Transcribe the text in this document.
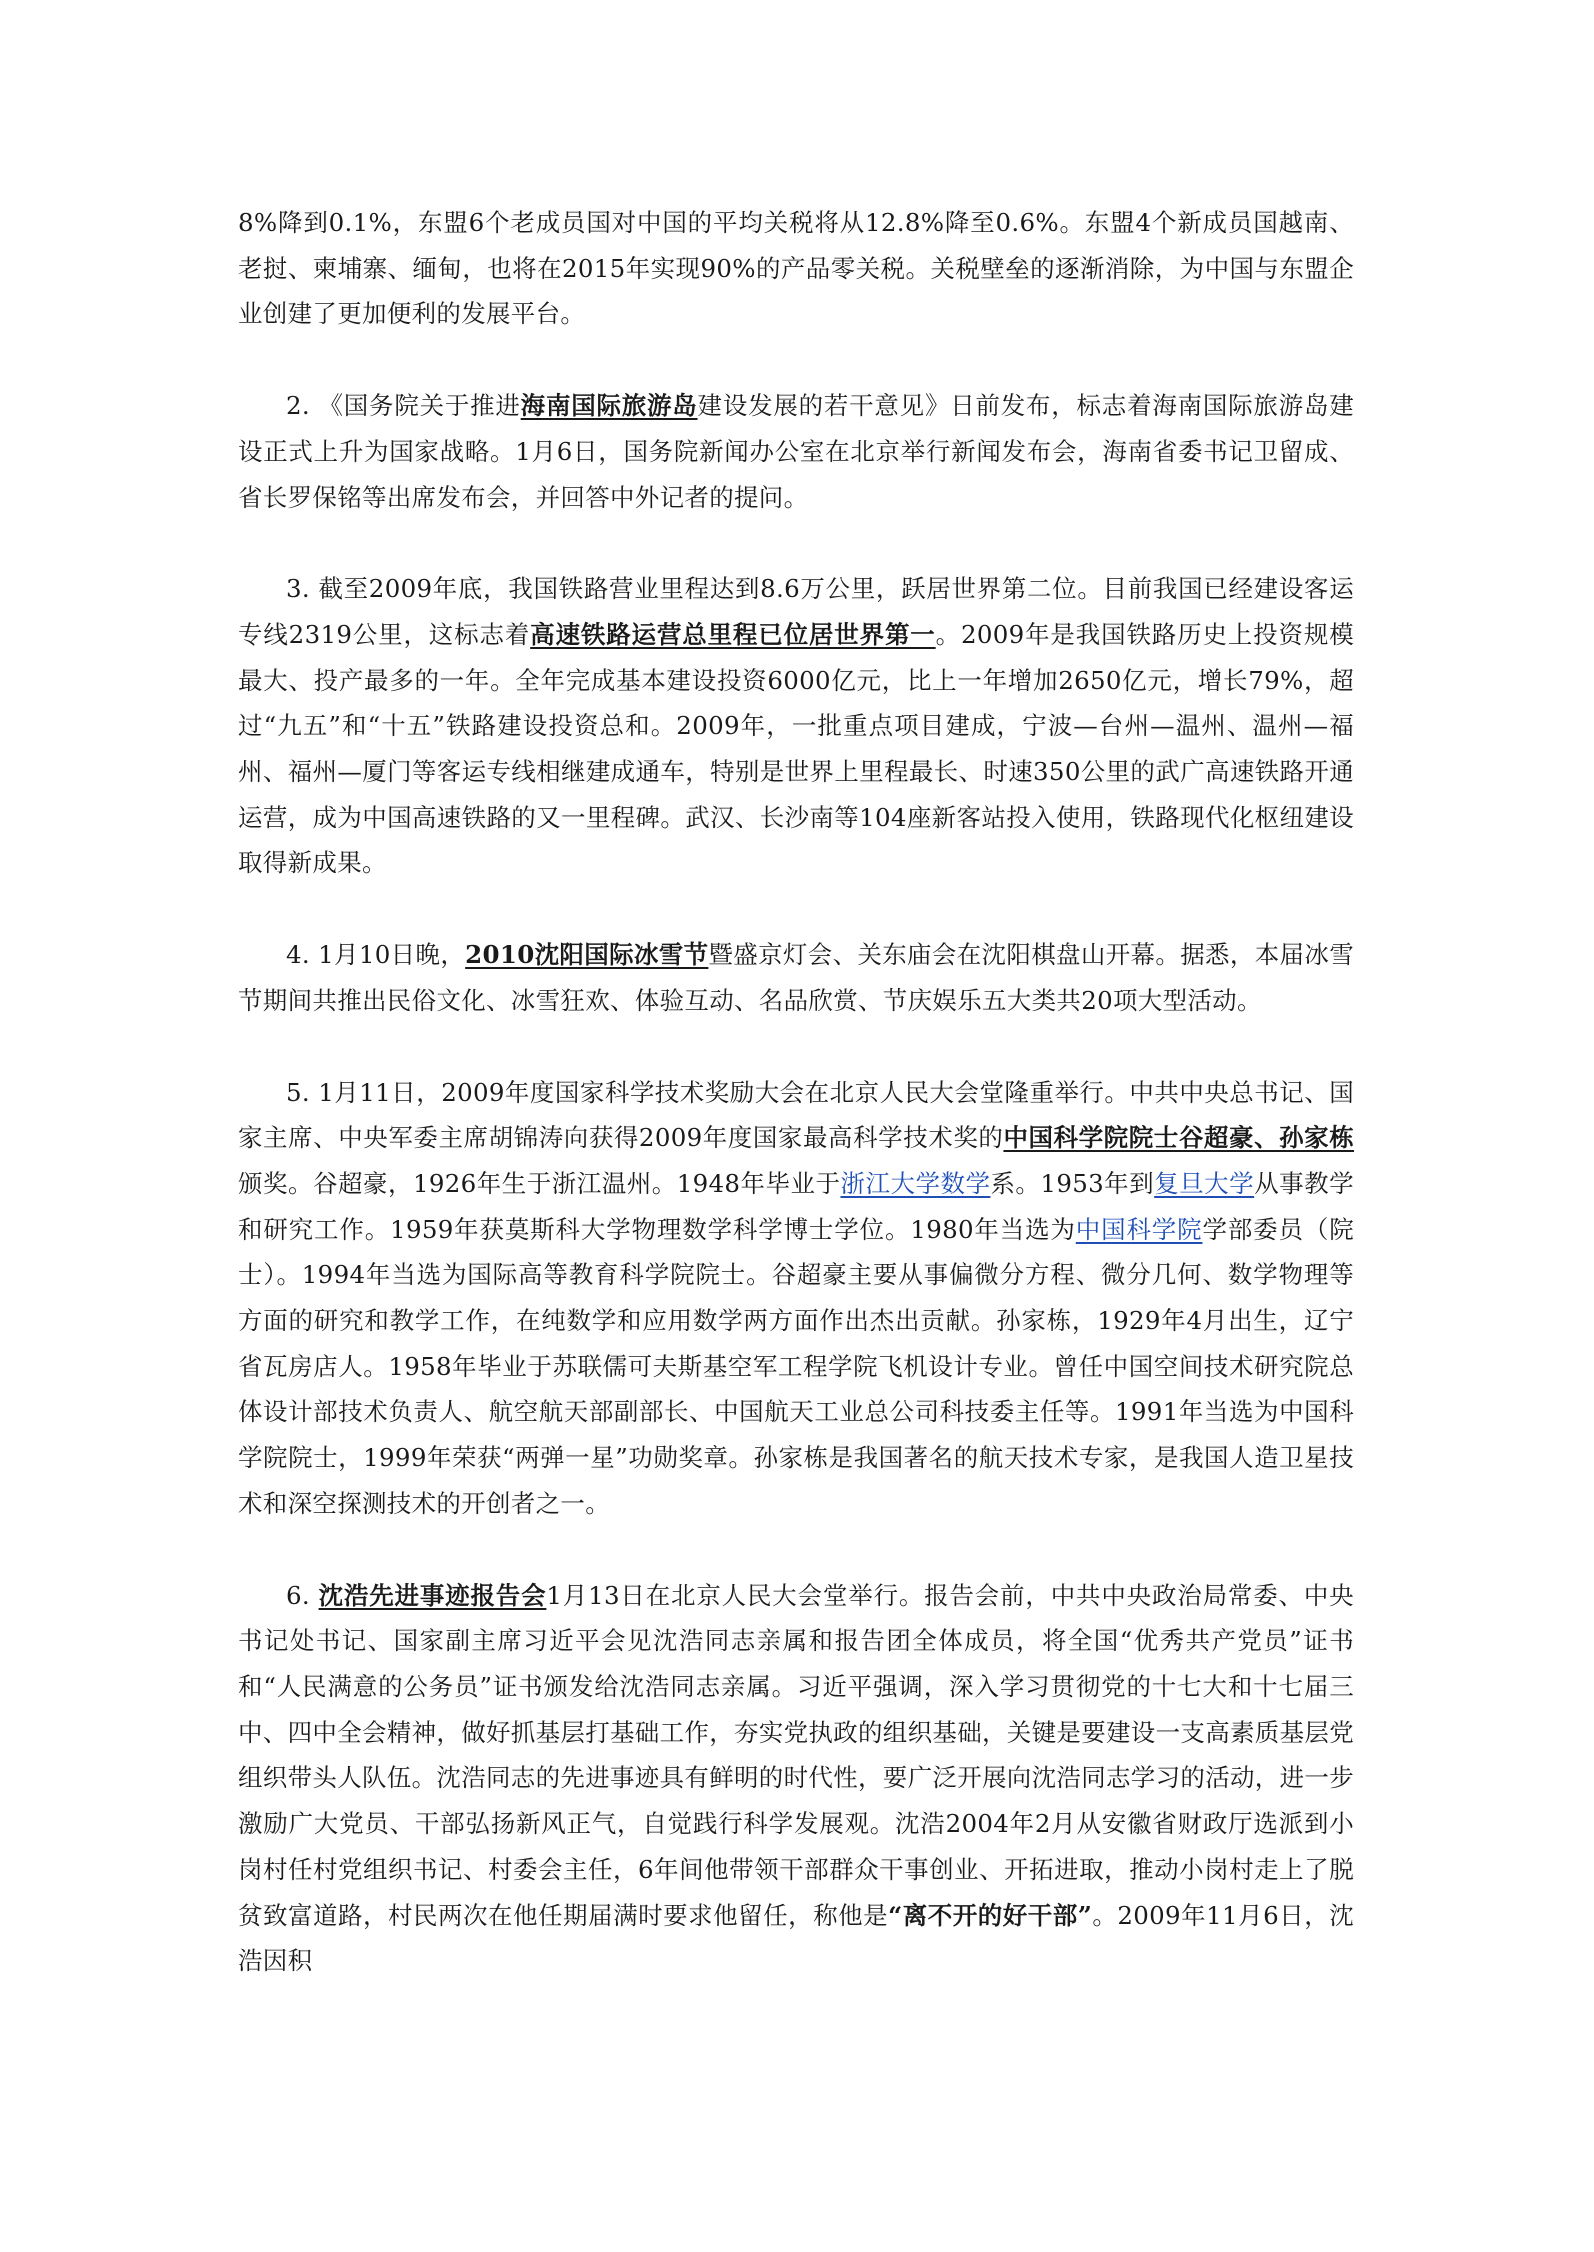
8%降到0.1%，东盟6个老成员国对中国的平均关税将从12.8%降至0.6%。东盟4个新成员国越南、老挝、柬埔寨、缅甸，也将在2015年实现90%的产品零关税。关税壁垒的逐渐消除，为中国与东盟企业创建了更加便利的发展平台。

2. 《国务院关于推进海南国际旅游岛建设发展的若干意见》日前发布，标志着海南国际旅游岛建设正式上升为国家战略。1月6日，国务院新闻办公室在北京举行新闻发布会，海南省委书记卫留成、省长罗保铭等出席发布会，并回答中外记者的提问。

3. 截至2009年底，我国铁路营业里程达到8.6万公里，跃居世界第二位。目前我国已经建设客运专线2319公里，这标志着高速铁路运营总里程已位居世界第一。2009年是我国铁路历史上投资规模最大、投产最多的一年。全年完成基本建设投资6000亿元，比上一年增加2650亿元，增长79%，超过“九五”和“十五”铁路建设投资总和。2009年，一批重点项目建成，宁波—台州—温州、温州—福州、福州—厦门等客运专线相继建成通车，特别是世界上里程最长、时速350公里的武广高速铁路开通运营，成为中国高速铁路的又一里程碑。武汉、长沙南等104座新客站投入使用，铁路现代化枢纽建设取得新成果。

4. 1月10日晚，2010沈阳国际冰雪节暨盛京灯会、关东庙会在沈阳棋盘山开幕。据悉，本届冰雪节期间共推出民俗文化、冰雪狂欢、体验互动、名品欣赏、节庆娱乐五大类共20项大型活动。

5. 1月11日，2009年度国家科学技术奖励大会在北京人民大会堂隆重举行。中共中央总书记、国家主席、中央军委主席胡锦涛向获得2009年度国家最高科学技术奖的中国科学院院士谷超豪、孙家栋颁奖。谷超豪，1926年生于浙江温州。1948年毕业于浙江大学数学系。1953年到复旦大学从事教学和研究工作。1959年获莫斯科大学物理数学科学博士学位。1980年当选为中国科学院学部委员（院士）。1994年当选为国际高等教育科学院院士。谷超豪主要从事偏微分方程、微分几何、数学物理等方面的研究和教学工作，在纯数学和应用数学两方面作出杰出贡献。孙家栋，1929年4月出生，辽宁省瓦房店人。1958年毕业于苏联儒可夫斯基空军工程学院飞机设计专业。曾任中国空间技术研究院总体设计部技术负责人、航空航天部副部长、中国航天工业总公司科技委主任等。1991年当选为中国科学院院士，1999年荣获“两弹一星”功勋奖章。孙家栋是我国著名的航天技术专家，是我国人造卫星技术和深空探测技术的开创者之一。

6. 沈浩先进事迹报告会1月13日在北京人民大会堂举行。报告会前，中共中央政治局常委、中央书记处书记、国家副主席习近平会见沈浩同志亲属和报告团全体成员，将全国“优秀共产党员”证书和“人民满意的公务员”证书颁发给沈浩同志亲属。习近平强调，深入学习贯彻党的十七大和十七届三中、四中全会精神，做好抓基层打基础工作，夯实党执政的组织基础，关键是要建设一支高素质基层党组织带头人队伍。沈浩同志的先进事迹具有鲜明的时代性，要广泛开展向沈浩同志学习的活动，进一步激励广大党员、干部弘扬新风正气，自觉践行科学发展观。沈浩2004年2月从安徽省财政厅选派到小岗村任村党组织书记、村委会主任，6年间他带领干部群众干事创业、开拓进取，推动小岗村走上了脱贫致富道路，村民两次在他任期届满时要求他留任，称他是“离不开的好干部”。2009年11月6日，沈浩因积
